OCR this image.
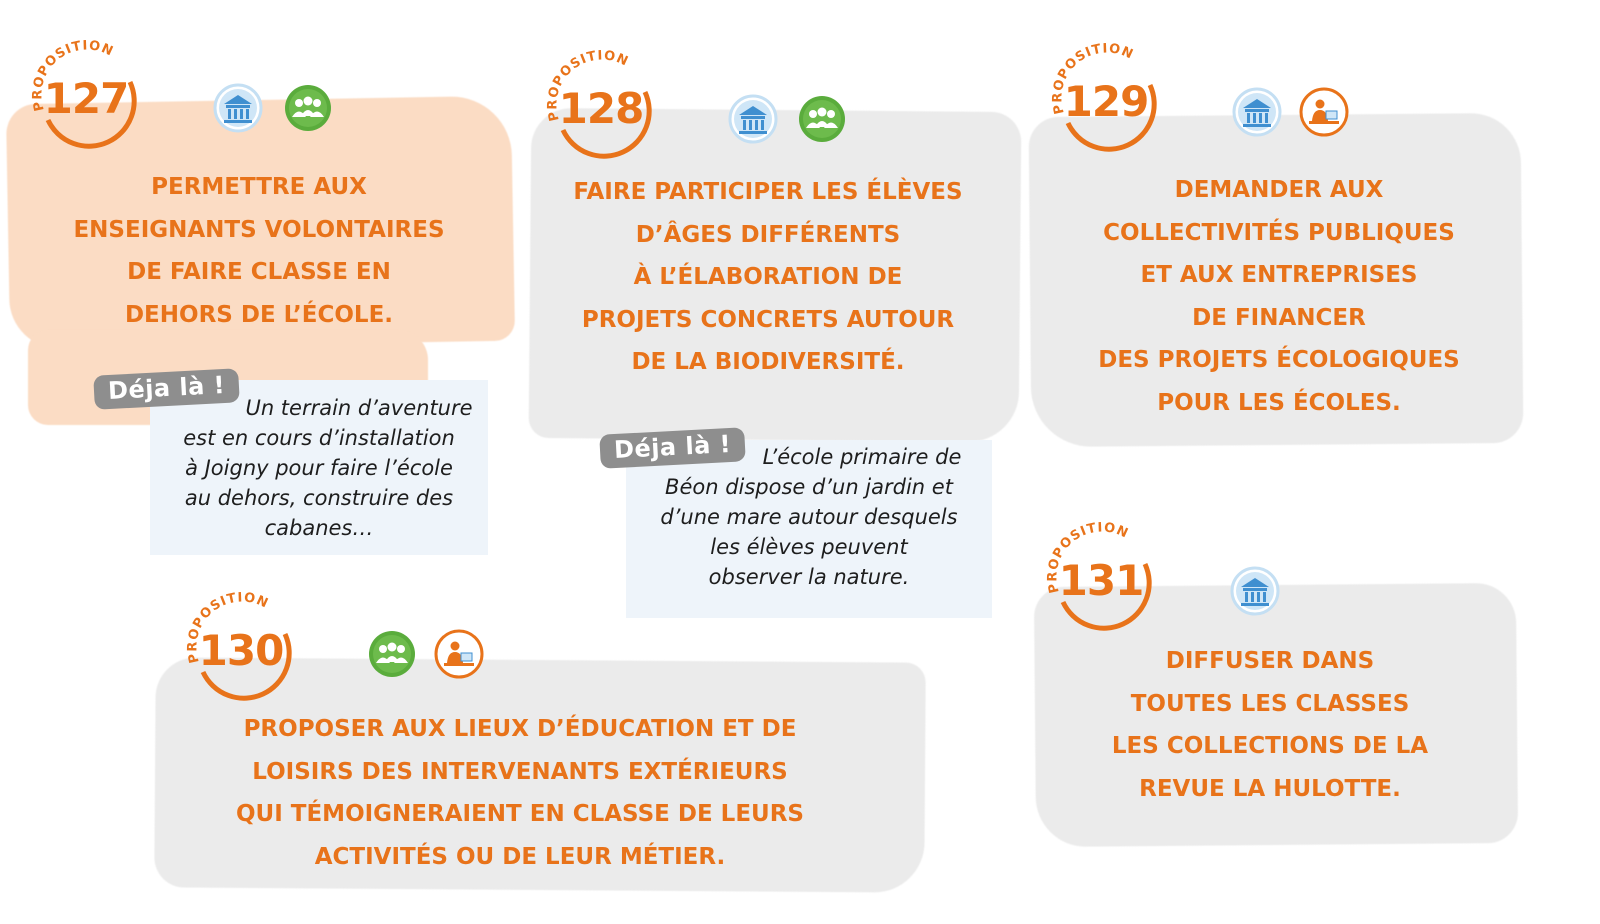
PROPOSITION
127
PERMETTRE AUX
ENSEIGNANTS VOLONTAIRES
DE FAIRE CLASSE EN
DEHORS DE L’ÉCOLE.
Un terrain d’aventure
est en cours d’installation
à Joigny pour faire l’école
au dehors, construire des
cabanes…
Déja là !
PROPOSITION
128
FAIRE PARTICIPER LES ÉLÈVES
D’ÂGES DIFFÉRENTS
À L’ÉLABORATION DE
PROJETS CONCRETS AUTOUR
DE LA BIODIVERSITÉ.
L’école primaire de
Béon dispose d’un jardin et
d’une mare autour desquels
les élèves peuvent
observer la nature.
Déja là !
PROPOSITION
129
DEMANDER AUX
COLLECTIVITÉS PUBLIQUES
ET AUX ENTREPRISES
DE FINANCER
DES PROJETS ÉCOLOGIQUES
POUR LES ÉCOLES.
PROPOSITION
130
PROPOSER AUX LIEUX D’ÉDUCATION ET DE
LOISIRS DES INTERVENANTS EXTÉRIEURS
QUI TÉMOIGNERAIENT EN CLASSE DE LEURS
ACTIVITÉS OU DE LEUR MÉTIER.
PROPOSITION
131
DIFFUSER DANS
TOUTES LES CLASSES
LES COLLECTIONS DE LA
REVUE LA HULOTTE.
